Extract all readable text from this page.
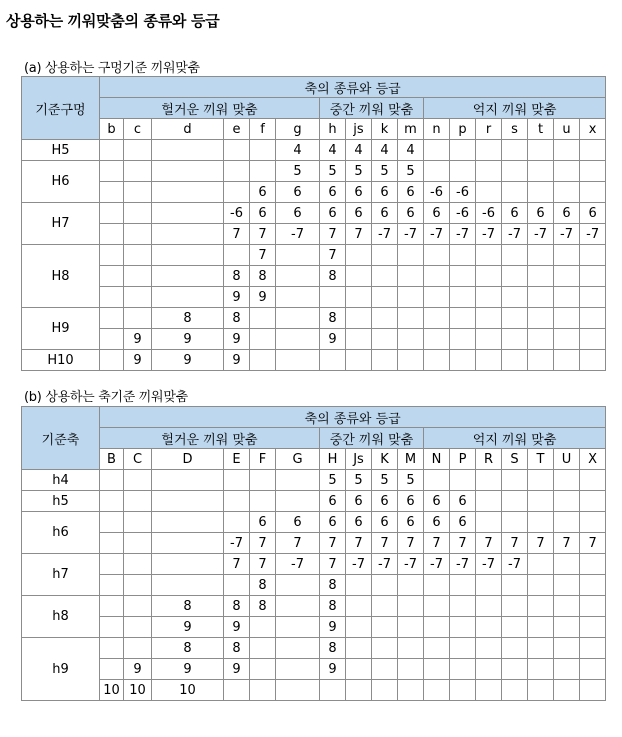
상용하는 끼워맞춤의 종류와 등급
(a) 상용하는 구멍기준 끼워맞춤
기준구멍	축의 종류와 등급																
	헐거운 끼워 맞춤						중간 끼워 맞춤				억지 끼워 맞춤						
	b	c	d	e	f	g	h	js	k	m	n	p	r	s	t	u	x
H5						4	4	4	4	4							
H6						5	5	5	5	5							
					6	6	6	6	6	6	-6	-6					
H7				-6	6	6	6	6	6	6	6	-6	-6	6	6	6	6
				7	7	-7	7	7	-7	-7	-7	-7	-7	-7	-7	-7	-7
H8					7		7										
				8	8		8										
				9	9												
H9			8	8			8										
		9	9	9			9										
H10		9	9	9													
(b) 상용하는 축기준 끼워맞춤
기준축	축의 종류와 등급																
	헐거운 끼워 맞춤						중간 끼워 맞춤				억지 끼워 맞춤						
	B	C	D	E	F	G	H	Js	K	M	N	P	R	S	T	U	X
h4							5	5	5	5							
h5							6	6	6	6	6	6					
h6					6	6	6	6	6	6	6	6					
				-7	7	7	7	7	7	7	7	7	7	7	7	7	7
h7				7	7	-7	7	-7	-7	-7	-7	-7	-7	-7			
					8		8										
h8			8	8	8		8										
			9	9			9										
h9			8	8			8										
		9	9	9			9										
	10	10	10														
